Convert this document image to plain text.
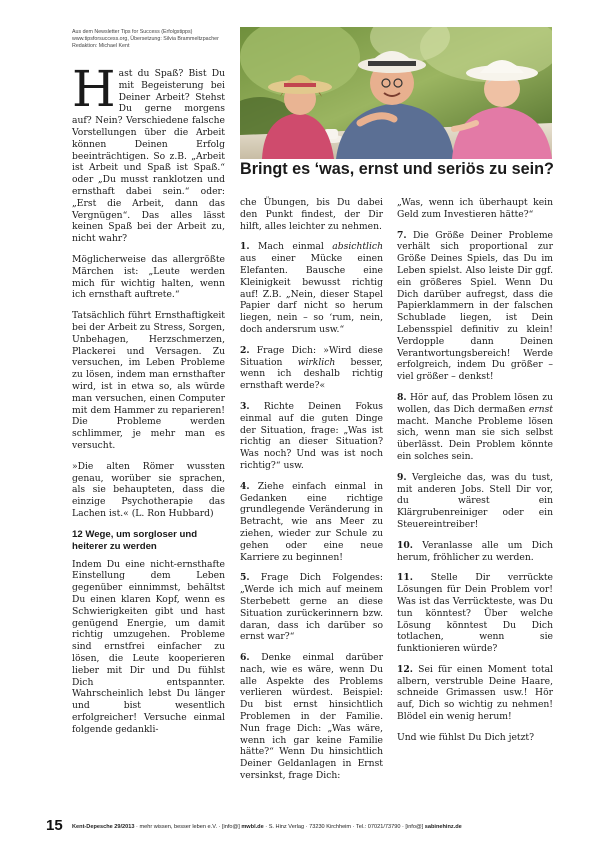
Aus dem Newsletter Tips for Success (Erfolgstipps)
www.tipsforsuccess.org, Übersetzung: Silvia Brammeltzpacher
Redaktion: Michael Kent
Bringt es ‘was, ernst und seriös zu sein?

Hast du Spaß? Bist Du mit Begeisterung bei Deiner Arbeit? Stehst Du gerne morgens auf? Nein? Verschiedene falsche Vorstellungen über die Arbeit können Deinen Erfolg beeinträchtigen. So z.B. „Arbeit ist Arbeit und Spaß ist Spaß.“ oder „Du musst ranklotzen und ernsthaft dabei sein.“ oder: „Erst die Arbeit, dann das Vergnügen“. Das alles lässt keinen Spaß bei der Arbeit zu, nicht wahr?

Möglicherweise das allergrößte Märchen ist: „Leute werden mich für wichtig halten, wenn ich ernsthaft auftrete.“

Tatsächlich führt Ernsthaftigkeit bei der Arbeit zu Stress, Sorgen, Unbehagen, Herzschmerzen, Plackerei und Versagen. Zu versuchen, im Leben Probleme zu lösen, indem man ernsthafter wird, ist in etwa so, als würde man versuchen, einen Computer mit dem Hammer zu reparieren! Die Probleme werden schlimmer, je mehr man es versucht.

»Die alten Römer wussten genau, worüber sie sprachen, als sie behaupteten, dass die einzige Psychotherapie das Lachen ist.« (L. Ron Hubbard)

12 Wege, um sorgloser und heiterer zu werden

Indem Du eine nicht-ernsthafte Einstellung dem Leben gegenüber einnimmst, behältst Du einen klaren Kopf, wenn es Schwierigkeiten gibt und hast genügend Energie, um damit richtig umzugehen. Probleme sind ernstfrei einfacher zu lösen, die Leute kooperieren lieber mit Dir und Du fühlst Dich entspannter. Wahrscheinlich lebst Du länger und bist wesentlich erfolgreicher! Versuche einmal folgende gedankli-

che Übungen, bis Du dabei den Punkt findest, der Dir hilft, alles leichter zu nehmen.

1. Mach einmal absichtlich aus einer Mücke einen Elefanten. Bausche eine Kleinigkeit bewusst richtig auf! Z.B. „Nein, dieser Stapel Papier darf nicht so herum liegen, nein – so ‘rum, nein, doch andersrum usw.“

2. Frage Dich: »Wird diese Situation wirklich besser, wenn ich deshalb richtig ernsthaft werde?«

3. Richte Deinen Fokus einmal auf die guten Dinge der Situation, frage: „Was ist richtig an dieser Situation? Was noch? Und was ist noch richtig?“ usw.

4. Ziehe einfach einmal in Gedanken eine richtige grundlegende Veränderung in Betracht, wie ans Meer zu ziehen, wieder zur Schule zu gehen oder eine neue Karriere zu beginnen!

5. Frage Dich Folgendes: „Werde ich mich auf meinem Sterbebett gerne an diese Situation zurückerinnern bzw. daran, dass ich darüber so ernst war?“

6. Denke einmal darüber nach, wie es wäre, wenn Du alle Aspekte des Problems verlieren würdest. Beispiel: Du bist ernst hinsichtlich Problemen in der Familie. Nun frage Dich: „Was wäre, wenn ich gar keine Familie hätte?“ Wenn Du hinsichtlich Deiner Geldanlagen in Ernst versinkst, frage Dich:

„Was, wenn ich überhaupt kein Geld zum Investieren hätte?“

7. Die Größe Deiner Probleme verhält sich proportional zur Größe Deines Spiels, das Du im Leben spielst. Also leiste Dir ggf. ein größeres Spiel. Wenn Du Dich darüber aufregst, dass die Papierklammern in der falschen Schublade liegen, ist Dein Lebensspiel definitiv zu klein! Verdopple dann Deinen Verantwortungsbereich! Werde erfolgreich, indem Du größer – viel größer – denkst!

8. Hör auf, das Problem lösen zu wollen, das Dich dermaßen ernst macht. Manche Probleme lösen sich, wenn man sie sich selbst überlässt. Dein Problem könnte ein solches sein.

9. Vergleiche das, was du tust, mit anderen Jobs. Stell Dir vor, du wärest ein Klärgrubenreiniger oder ein Steuereintreiber!

10. Veranlasse alle um Dich herum, fröhlicher zu werden.

11. Stelle Dir verrückte Lösungen für Dein Problem vor! Was ist das Verrückteste, was Du tun könntest? Über welche Lösung könntest Du Dich totlachen, wenn sie funktionieren würde?

12. Sei für einen Moment total albern, verstruble Deine Haare, schneide Grimassen usw.! Hör auf, Dich so wichtig zu nehmen! Blödel ein wenig herum!

Und wie fühlst Du Dich jetzt?

15 Kent-Depesche 29/2013 · mehr wissen, besser leben e.V. · [info@] mwbl.de · S. Hinz Verlag · 73230 Kirchheim · Tel.: 07021/73790 · [info@] sabinehinz.de
